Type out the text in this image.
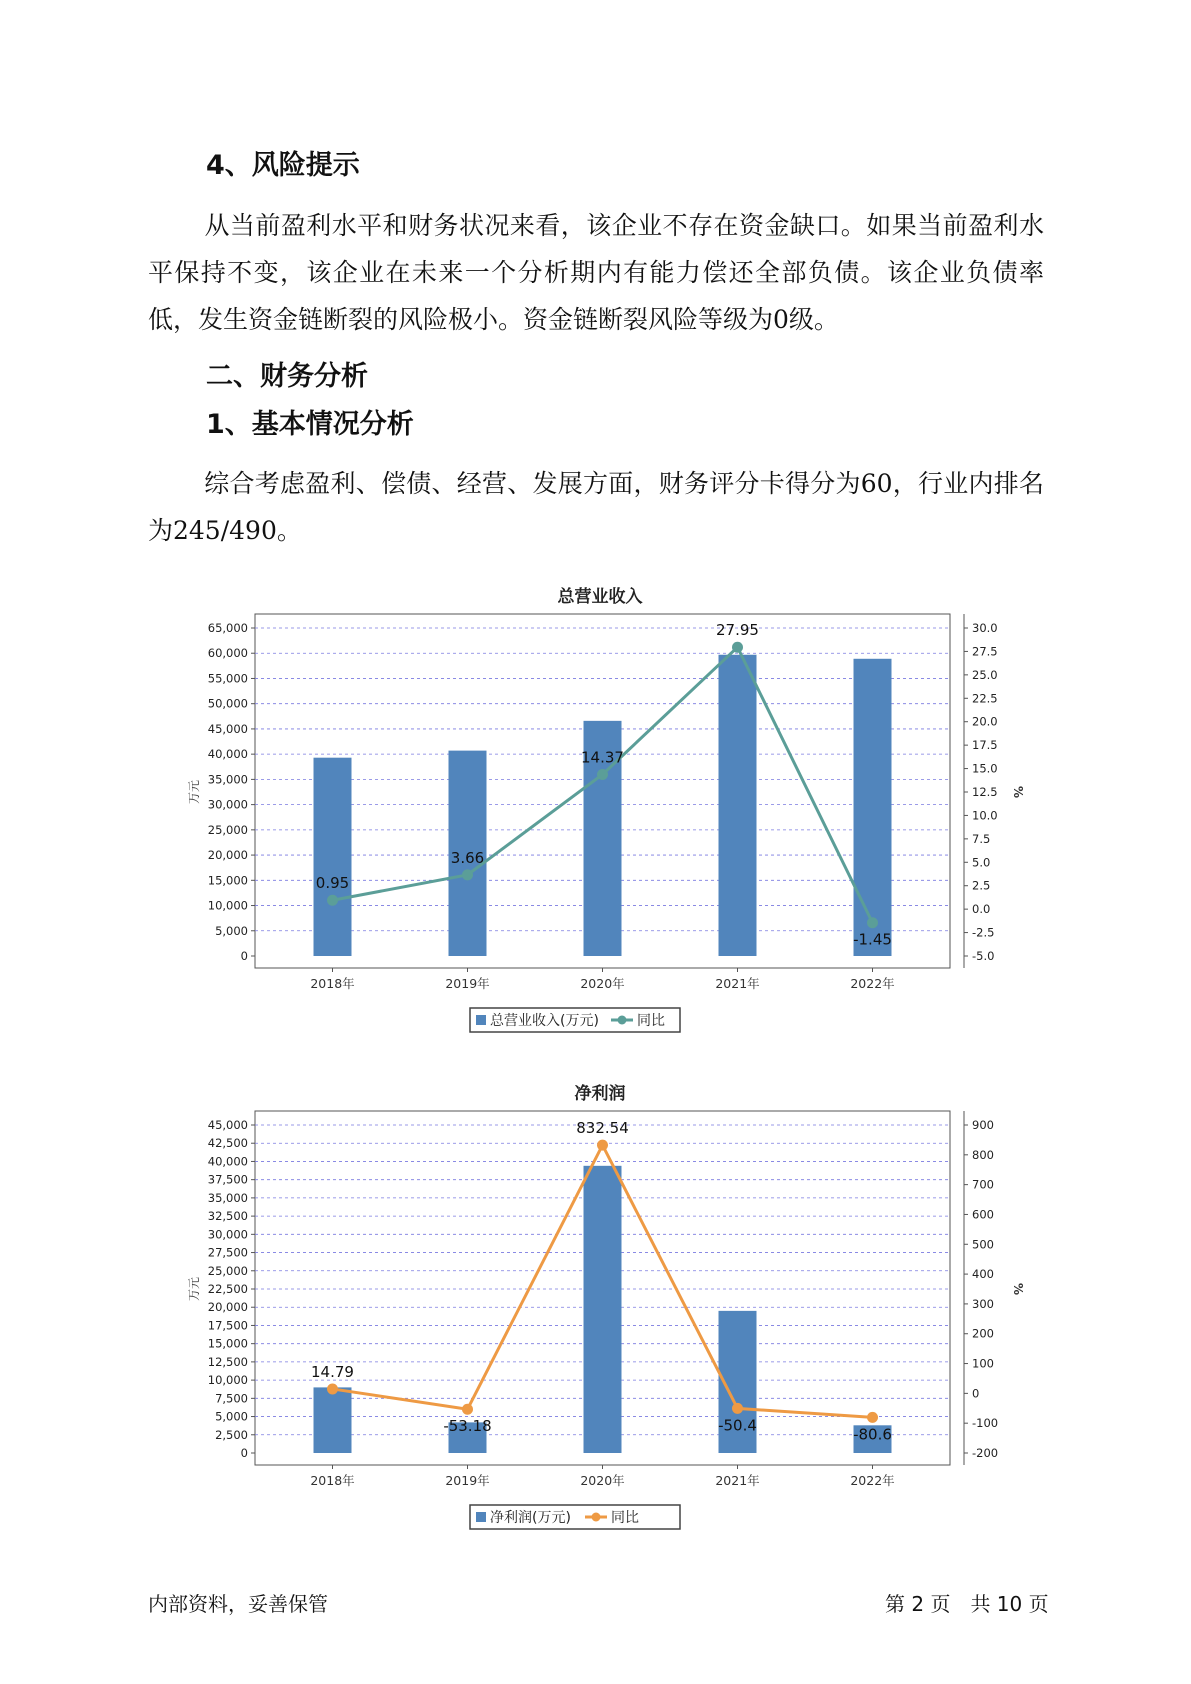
4、风险提示

从当前盈利水平和财务状况来看，该企业不存在资金缺口。如果当前盈利水平保持不变，该企业在未来一个分析期内有能力偿还全部负债。该企业负债率低，发生资金链断裂的风险极小。资金链断裂风险等级为0级。

二、财务分析
1、基本情况分析

综合考虑盈利、偿债、经营、发展方面，财务评分卡得分为60，行业内排名为245/490。

总营业收入
0
5,000
10,000
15,000
20,000
25,000
30,000
35,000
40,000
45,000
50,000
55,000
60,000
65,000
-5.0
-2.5
0.0
2.5
5.0
7.5
10.0
12.5
15.0
17.5
20.0
22.5
25.0
27.5
30.0
万元	%
2018年	2019年	2020年	2021年	2022年
0.95
3.66
14.37
27.95
-1.45
总营业收入(万元)	同比
净利润
0
2,500
5,000
7,500
10,000
12,500
15,000
17,500
20,000
22,500
25,000
27,500
30,000
32,500
35,000
37,500
40,000
42,500
45,000
-200
-100
0
100
200
300
400
500
600
700
800
900
万元	%
2018年	2019年	2020年	2021年	2022年
14.79
-53.18
832.54
-50.4
-80.6
净利润(万元)	同比
内部资料，妥善保管	第 2 页　共 10 页
